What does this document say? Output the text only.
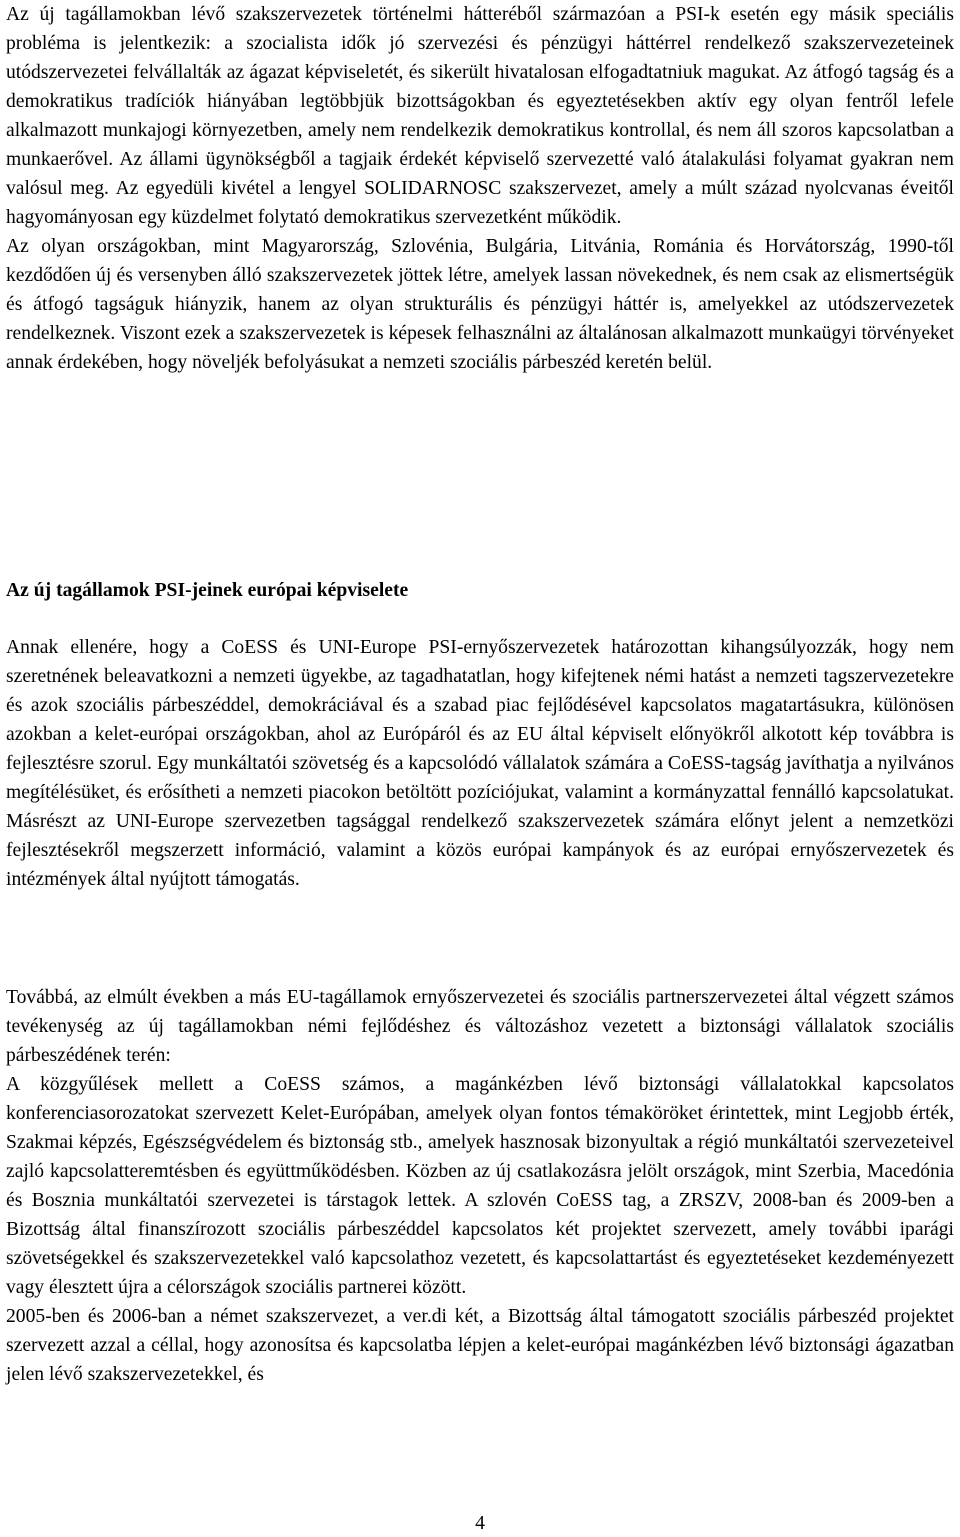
Az új tagállamokban lévő szakszervezetek történelmi hátteréből származóan a PSI-k esetén egy másik speciális probléma is jelentkezik: a szocialista idők jó szervezési és pénzügyi háttérrel rendelkező szakszervezeteinek utódszervezetei felvállalták az ágazat képviseletét, és sikerült hivatalosan elfogadtatniuk magukat. Az átfogó tagság és a demokratikus tradíciók hiányában legtöbbjük bizottságokban és egyeztetésekben aktív egy olyan fentről lefele alkalmazott munkajogi környezetben, amely nem rendelkezik demokratikus kontrollal, és nem áll szoros kapcsolatban a munkaerővel. Az állami ügynökségből a tagjaik érdekét képviselő szervezetté való átalakulási folyamat gyakran nem valósul meg. Az egyedüli kivétel a lengyel SOLIDARNOSC szakszervezet, amely a múlt század nyolcvanas éveitől hagyományosan egy küzdelmet folytató demokratikus szervezetként működik.

Az olyan országokban, mint Magyarország, Szlovénia, Bulgária, Litvánia, Románia és Horvátország, 1990-től kezdődően új és versenyben álló szakszervezetek jöttek létre, amelyek lassan növekednek, és nem csak az elismertségük és átfogó tagságuk hiányzik, hanem az olyan strukturális és pénzügyi háttér is, amelyekkel az utódszervezetek rendelkeznek. Viszont ezek a szakszervezetek is képesek felhasználni az általánosan alkalmazott munkaügyi törvényeket annak érdekében, hogy növeljék befolyásukat a nemzeti szociális párbeszéd keretén belül.

Az új tagállamok PSI-jeinek európai képviselete

Annak ellenére, hogy a CoESS és UNI-Europe PSI-ernyőszervezetek határozottan kihangsúlyozzák, hogy nem szeretnének beleavatkozni a nemzeti ügyekbe, az tagadhatatlan, hogy kifejtenek némi hatást a nemzeti tagszervezetekre és azok szociális párbeszéddel, demokráciával és a szabad piac fejlődésével kapcsolatos magatartásukra, különösen azokban a kelet-európai országokban, ahol az Európáról és az EU által képviselt előnyökről alkotott kép továbbra is fejlesztésre szorul. Egy munkáltatói szövetség és a kapcsolódó vállalatok számára a CoESS-tagság javíthatja a nyilvános megítélésüket, és erősítheti a nemzeti piacokon betöltött pozíciójukat, valamint a kormányzattal fennálló kapcsolatukat. Másrészt az UNI-Europe szervezetben tagsággal rendelkező szakszervezetek számára előnyt jelent a nemzetközi fejlesztésekről megszerzett információ, valamint a közös európai kampányok és az európai ernyőszervezetek és intézmények által nyújtott támogatás.

Továbbá, az elmúlt években a más EU-tagállamok ernyőszervezetei és szociális partnerszervezetei által végzett számos tevékenység az új tagállamokban némi fejlődéshez és változáshoz vezetett a biztonsági vállalatok szociális párbeszédének terén:

A közgyűlések mellett a CoESS számos, a magánkézben lévő biztonsági vállalatokkal kapcsolatos konferenciasorozatokat szervezett Kelet-Európában, amelyek olyan fontos témaköröket érintettek, mint Legjobb érték, Szakmai képzés, Egészségvédelem és biztonság stb., amelyek hasznosak bizonyultak a régió munkáltatói szervezeteivel zajló kapcsolatteremtésben és együttműködésben. Közben az új csatlakozásra jelölt országok, mint Szerbia, Macedónia és Bosznia munkáltatói szervezetei is társtagok lettek. A szlovén CoESS tag, a ZRSZV, 2008-ban és 2009-ben a Bizottság által finanszírozott szociális párbeszéddel kapcsolatos két projektet szervezett, amely további iparági szövetségekkel és szakszervezetekkel való kapcsolathoz vezetett, és kapcsolattartást és egyeztetéseket kezdeményezett vagy élesztett újra a célországok szociális partnerei között.

2005-ben és 2006-ban a német szakszervezet, a ver.di két, a Bizottság által támogatott szociális párbeszéd projektet szervezett azzal a céllal, hogy azonosítsa és kapcsolatba lépjen a kelet-európai magánkézben lévő biztonsági ágazatban jelen lévő szakszervezetekkel, és

4
